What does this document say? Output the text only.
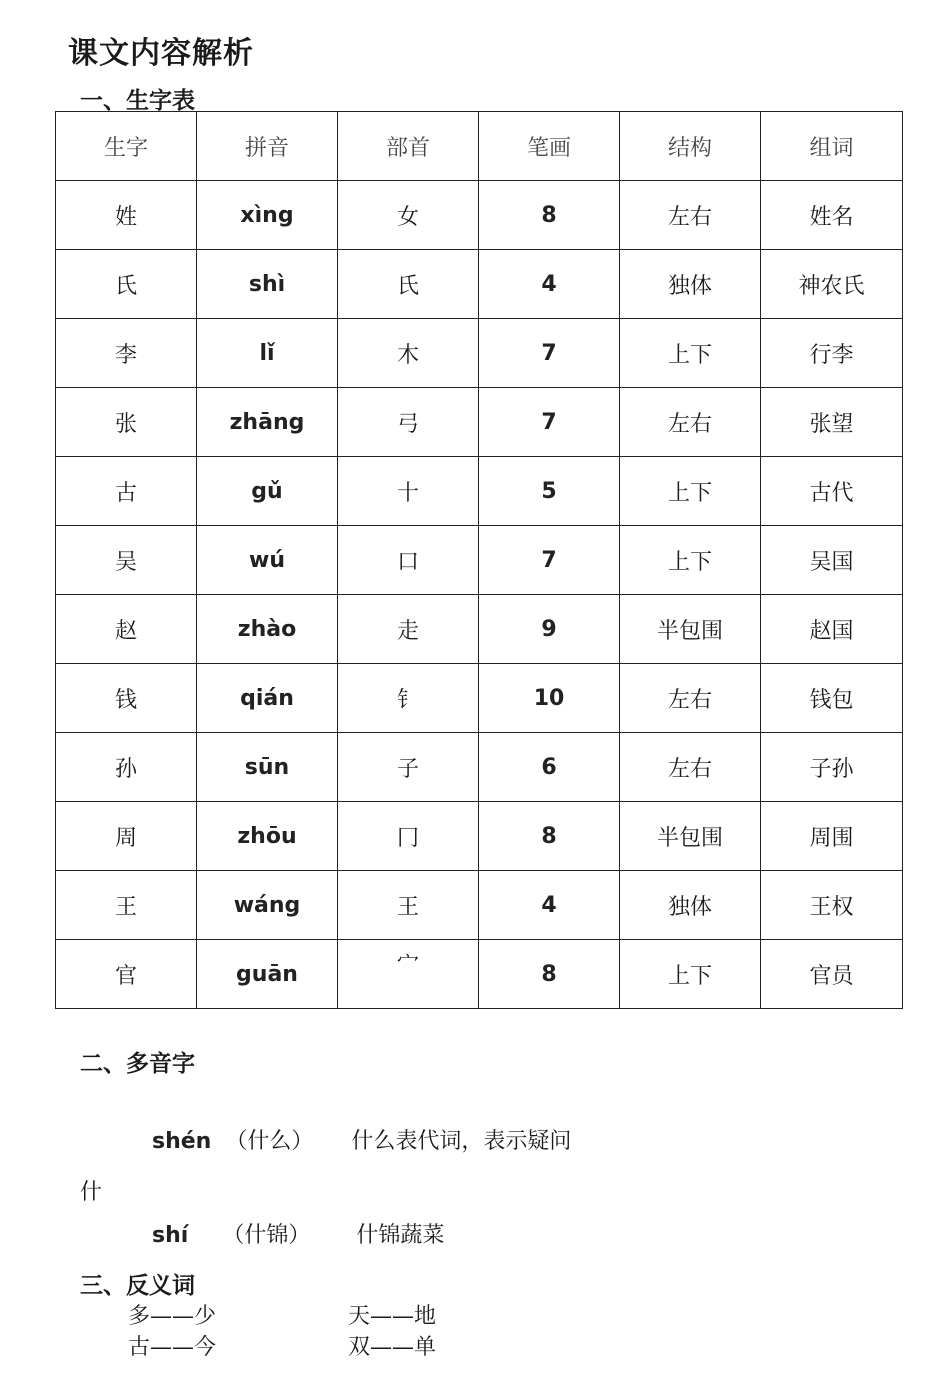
课文内容解析
一、生字表
生字	拼音	部首	笔画	结构	组词
姓	xìng	女	8	左右	姓名
氏	shì	氏	4	独体	神农氏
李	lǐ	木	7	上下	行李
张	zhāng	弓	7	左右	张望
古	gǔ	十	5	上下	古代
吴	wú	口	7	上下	吴国
赵	zhào	走	9	半包围	赵国
钱	qián	钅	10	左右	钱包
孙	sūn	子	6	左右	子孙
周	zhōu	冂	8	半包围	周围
王	wáng	王	4	独体	王权
官	guān	宀	8	上下	官员
二、多音字
shén （什么） 什么表代词，表示疑问
什
shí （什锦） 什锦蔬菜
三、反义词
多——少	天——地
古——今	双——单
